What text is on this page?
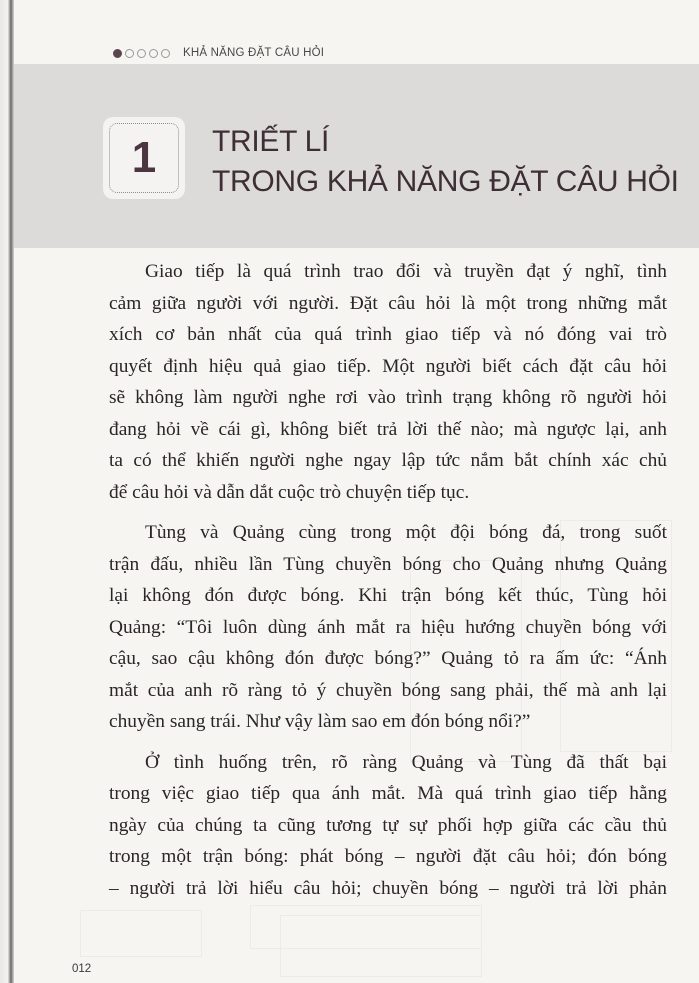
KHẢ NĂNG ĐẶT CÂU HỎI
1 TRIẾT LÍ
TRONG KHẢ NĂNG ĐẶT CÂU HỎI

Giao tiếp là quá trình trao đổi và truyền đạt ý nghĩ, tình
cảm giữa người với người. Đặt câu hỏi là một trong những mắt
xích cơ bản nhất của quá trình giao tiếp và nó đóng vai trò
quyết định hiệu quả giao tiếp. Một người biết cách đặt câu hỏi
sẽ không làm người nghe rơi vào trình trạng không rõ người hỏi
đang hỏi về cái gì, không biết trả lời thế nào; mà ngược lại, anh
ta có thể khiến người nghe ngay lập tức nắm bắt chính xác chủ
để câu hỏi và dẫn dắt cuộc trò chuyện tiếp tục.

Tùng và Quảng cùng trong một đội bóng đá, trong suốt
trận đấu, nhiều lần Tùng chuyền bóng cho Quảng nhưng Quảng
lại không đón được bóng. Khi trận bóng kết thúc, Tùng hỏi
Quảng: “Tôi luôn dùng ánh mắt ra hiệu hướng chuyền bóng với
cậu, sao cậu không đón được bóng?” Quảng tỏ ra ấm ức: “Ánh
mắt của anh rõ ràng tỏ ý chuyền bóng sang phải, thế mà anh lại
chuyền sang trái. Như vậy làm sao em đón bóng nổi?”

Ở tình huống trên, rõ ràng Quảng và Tùng đã thất bại
trong việc giao tiếp qua ánh mắt. Mà quá trình giao tiếp hằng
ngày của chúng ta cũng tương tự sự phối hợp giữa các cầu thủ
trong một trận bóng: phát bóng – người đặt câu hỏi; đón bóng
– người trả lời hiểu câu hỏi; chuyền bóng – người trả lời phản

012
